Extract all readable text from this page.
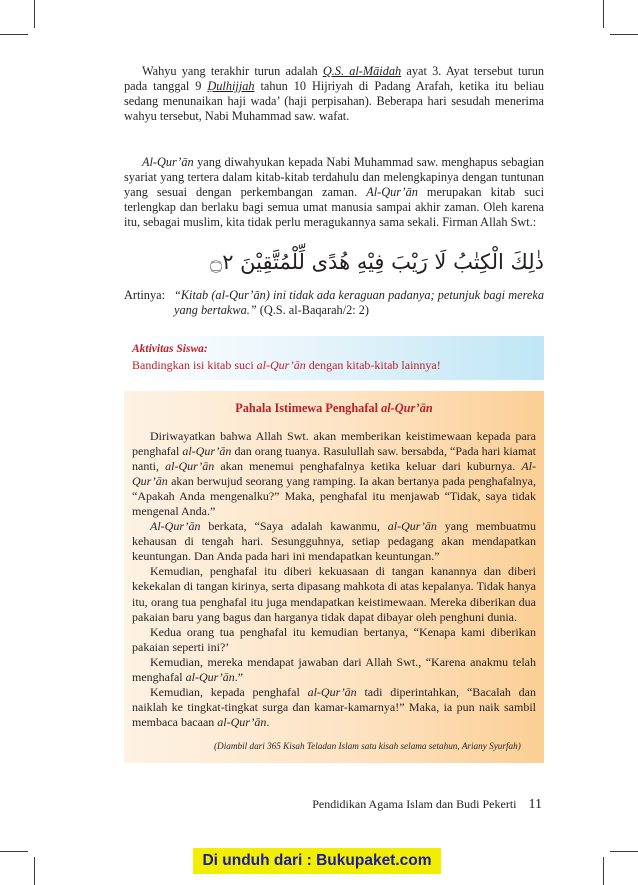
Wahyu yang terakhir turun adalah Q.S. al-Māidah ayat 3. Ayat tersebut turun pada tanggal 9 Ḍulhijjah tahun 10 Hijriyah di Padang Arafah, ketika itu beliau sedang menunaikan haji wada’ (haji perpisahan). Beberapa hari sesudah menerima wahyu tersebut, Nabi Muhammad saw. wafat.

Al-Qur’ān yang diwahyukan kepada Nabi Muhammad saw. menghapus sebagian syariat yang tertera dalam kitab-kitab terdahulu dan melengkapinya dengan tuntunan yang sesuai dengan perkembangan zaman. Al-Qur’ān merupakan kitab suci terlengkap dan berlaku bagi semua umat manusia sampai akhir zaman. Oleh karena itu, sebagai muslim, kita tidak perlu meragukannya sama sekali. Firman Allah Swt.:

ذٰلِكَ الْكِتٰبُ لَا رَيْبَ فِيْهِ هُدًى لِّلْمُتَّقِيْنَ ۝٢
Artinya: “Kitab (al-Qur’ān) ini tidak ada keraguan padanya; petunjuk bagi mereka yang bertakwa.” (Q.S. al-Baqarah/2: 2)
Aktivitas Siswa:
Bandingkan isi kitab suci al-Qur’ān dengan kitab-kitab lainnya!
Pahala Istimewa Penghafal al-Qur’ān

Diriwayatkan bahwa Allah Swt. akan memberikan keistimewaan kepada para penghafal al-Qur’ān dan orang tuanya. Rasulullah saw. bersabda, “Pada hari kiamat nanti, al-Qur’ān akan menemui penghafalnya ketika keluar dari kuburnya. Al-Qur’ān akan berwujud seorang yang ramping. Ia akan bertanya pada penghafalnya, “Apakah Anda mengenalku?” Maka, penghafal itu menjawab “Tidak, saya tidak mengenal Anda.”

Al-Qur’ān berkata, “Saya adalah kawanmu, al-Qur’ān yang membuatmu kehausan di tengah hari. Sesungguhnya, setiap pedagang akan mendapatkan keuntungan. Dan Anda pada hari ini mendapatkan keuntungan.”

Kemudian, penghafal itu diberi kekuasaan di tangan kanannya dan diberi kekekalan di tangan kirinya, serta dipasang mahkota di atas kepalanya. Tidak hanya itu, orang tua penghafal itu juga mendapatkan keistimewaan. Mereka diberikan dua pakaian baru yang bagus dan harganya tidak dapat dibayar oleh penghuni dunia.

Kedua orang tua penghafal itu kemudian bertanya, “Kenapa kami diberikan pakaian seperti ini?’

Kemudian, mereka mendapat jawaban dari Allah Swt., “Karena anakmu telah menghafal al-Qur’ān.”

Kemudian, kepada penghafal al-Qur’ān tadi diperintahkan, “Bacalah dan naiklah ke tingkat-tingkat surga dan kamar-kamarnya!” Maka, ia pun naik sambil membaca bacaan al-Qur’ān.

(Diambil dari 365 Kisah Teladan Islam satu kisah selama setahun, Ariany Syurfah)
Pendidikan Agama Islam dan Budi Pekerti 11
Di unduh dari : Bukupaket.com
